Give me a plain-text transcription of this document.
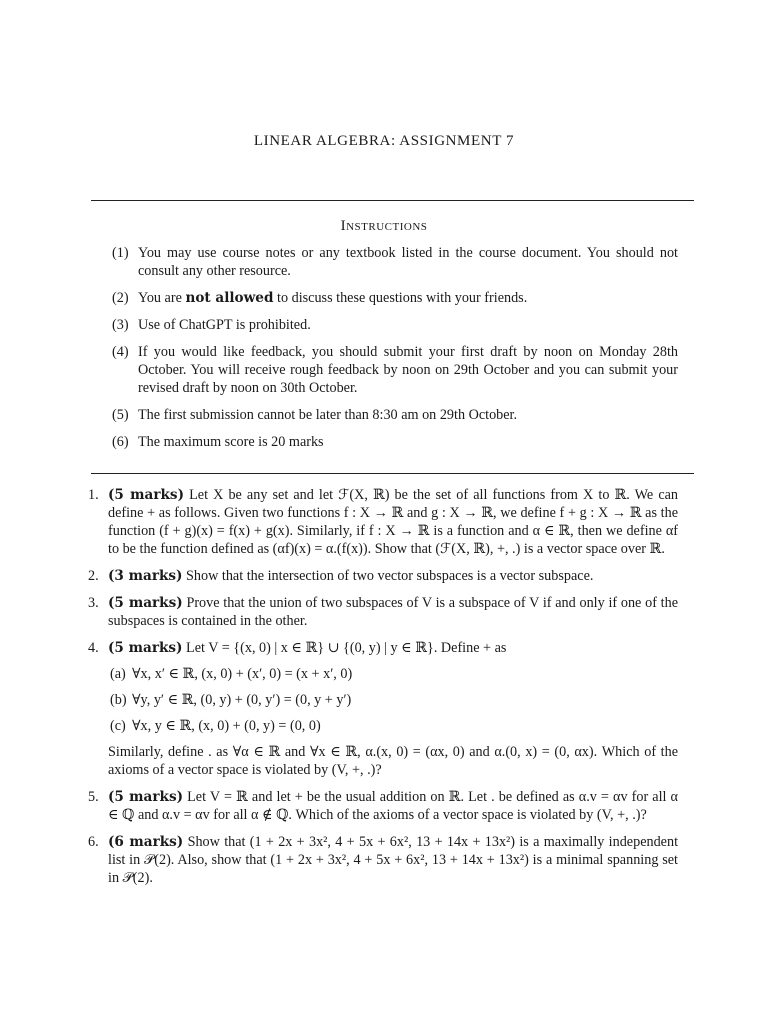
LINEAR ALGEBRA: ASSIGNMENT 7
Instructions
(1) You may use course notes or any textbook listed in the course document. You should not consult any other resource.
(2) You are not allowed to discuss these questions with your friends.
(3) Use of ChatGPT is prohibited.
(4) If you would like feedback, you should submit your first draft by noon on Monday 28th October. You will receive rough feedback by noon on 29th October and you can submit your revised draft by noon on 30th October.
(5) The first submission cannot be later than 8:30 am on 29th October.
(6) The maximum score is 20 marks
1. (5 marks) Let X be any set and let ℱ(X, ℝ) be the set of all functions from X to ℝ. We can define + as follows. Given two functions f : X → ℝ and g : X → ℝ, we define f + g : X → ℝ as the function (f + g)(x) = f(x) + g(x). Similarly, if f : X → ℝ is a function and α ∈ ℝ, then we define αf to be the function defined as (αf)(x) = α.(f(x)). Show that (ℱ(X, ℝ), +, .) is a vector space over ℝ.
2. (3 marks) Show that the intersection of two vector subspaces is a vector subspace.
3. (5 marks) Prove that the union of two subspaces of V is a subspace of V if and only if one of the subspaces is contained in the other.
4. (5 marks) Let V = {(x, 0) | x ∈ ℝ} ∪ {(0, y) | y ∈ ℝ}. Define + as
(a) ∀x, x′ ∈ ℝ, (x, 0) + (x′, 0) = (x + x′, 0)
(b) ∀y, y′ ∈ ℝ, (0, y) + (0, y′) = (0, y + y′)
(c) ∀x, y ∈ ℝ, (x, 0) + (0, y) = (0, 0)
Similarly, define . as ∀α ∈ ℝ and ∀x ∈ ℝ, α.(x, 0) = (αx, 0) and α.(0, x) = (0, αx). Which of the axioms of a vector space is violated by (V, +, .)?
5. (5 marks) Let V = ℝ and let + be the usual addition on ℝ. Let . be defined as α.v = αv for all α ∈ ℚ and α.v = αv for all α ∉ ℚ. Which of the axioms of a vector space is violated by (V, +, .)?
6. (6 marks) Show that (1 + 2x + 3x², 4 + 5x + 6x², 13 + 14x + 13x²) is a maximally independent list in 𝒫(2). Also, show that (1 + 2x + 3x², 4 + 5x + 6x², 13 + 14x + 13x²) is a minimal spanning set in 𝒫(2).
